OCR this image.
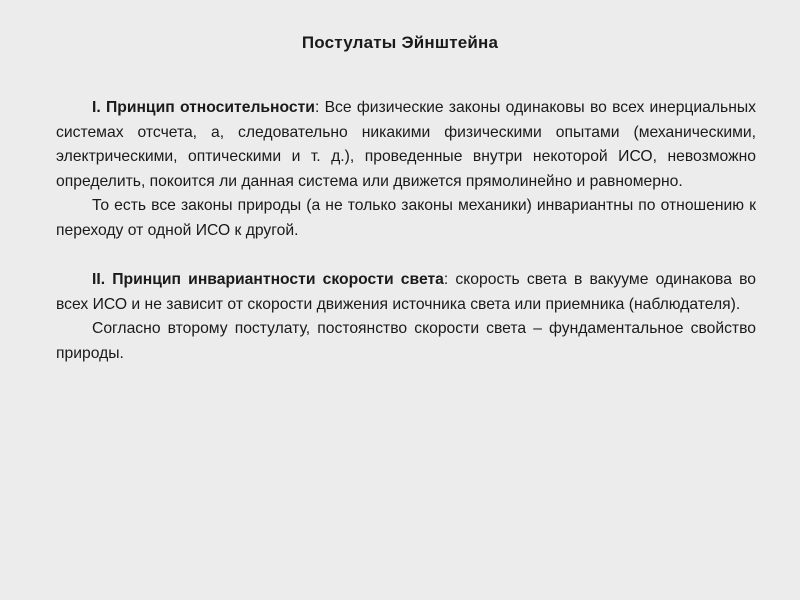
Постулаты Эйнштейна

I. Принцип относительности: Все физические законы одинаковы во всех инерциальных системах отсчета, а, следовательно никакими физическими опытами (механическими, электрическими, оптическими и т. д.), проведенные внутри некоторой ИСО, невозможно определить, покоится ли данная система или движется прямолинейно и равномерно.

То есть все законы природы (а не только законы механики) инвариантны по отношению к переходу от одной ИСО к другой.

II. Принцип инвариантности скорости света: скорость света в вакууме одинакова во всех ИСО и не зависит от скорости движения источника света или приемника (наблюдателя).

Согласно второму постулату, постоянство скорости света – фундаментальное свойство природы.
